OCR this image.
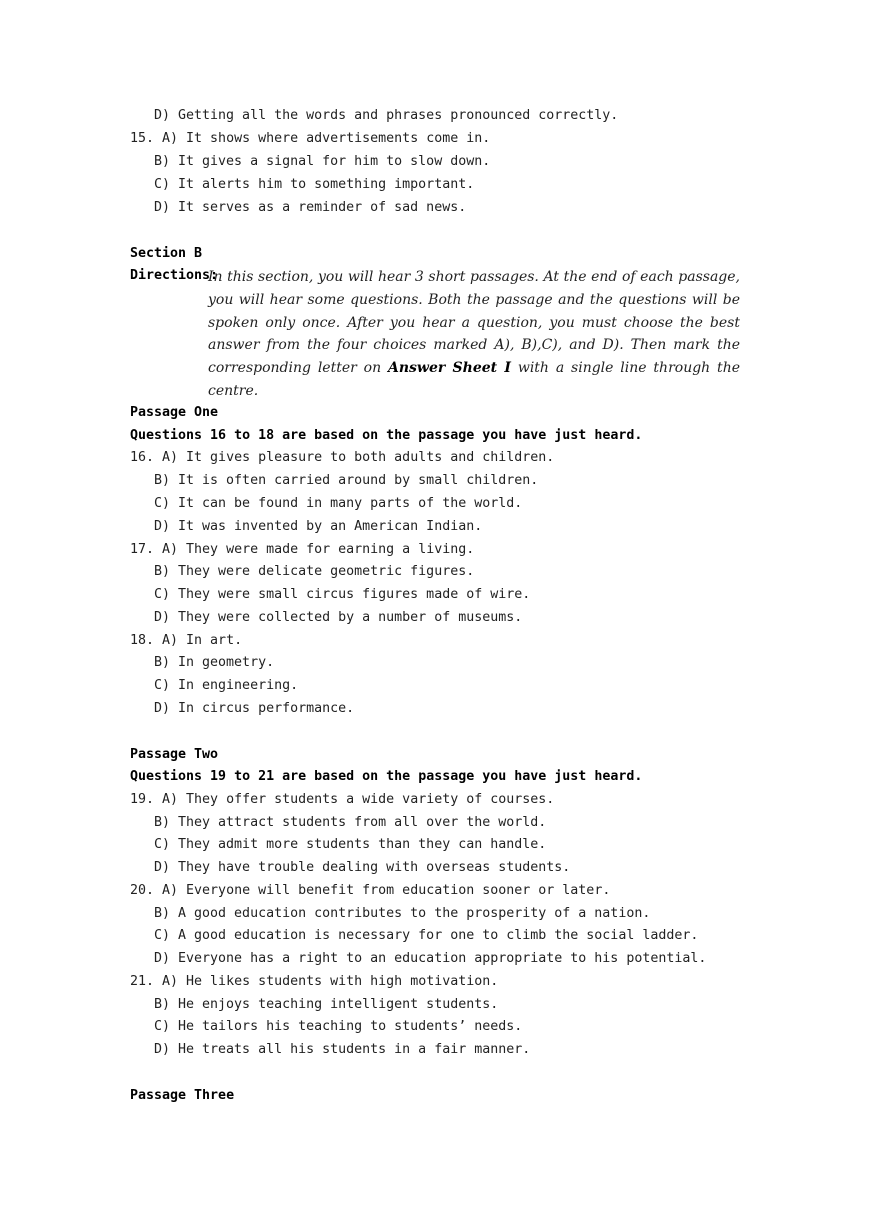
D) Getting all the words and phrases pronounced correctly.
15. A) It shows where advertisements come in.
B) It gives a signal for him to slow down.
C) It alerts him to something important.
D) It serves as a reminder of sad news.
Section B
Directions:
In this section, you will hear 3 short passages. At the end of each passage, you will hear some questions. Both the passage and the questions will be spoken only once. After you hear a question, you must choose the best answer from the four choices marked A), B),C), and D). Then mark the corresponding letter on Answer Sheet I with a single line through the centre.
Passage One
Questions 16 to 18 are based on the passage you have just heard.
16. A) It gives pleasure to both adults and children.
B) It is often carried around by small children.
C) It can be found in many parts of the world.
D) It was invented by an American Indian.
17. A) They were made for earning a living.
B) They were delicate geometric figures.
C) They were small circus figures made of wire.
D) They were collected by a number of museums.
18. A) In art.
B) In geometry.
C) In engineering.
D) In circus performance.
Passage Two
Questions 19 to 21 are based on the passage you have just heard.
19. A) They offer students a wide variety of courses.
B) They attract students from all over the world.
C) They admit more students than they can handle.
D) They have trouble dealing with overseas students.
20. A) Everyone will benefit from education sooner or later.
B) A good education contributes to the prosperity of a nation.
C) A good education is necessary for one to climb the social ladder.
D) Everyone has a right to an education appropriate to his potential.
21. A) He likes students with high motivation.
B) He enjoys teaching intelligent students.
C) He tailors his teaching to students’ needs.
D) He treats all his students in a fair manner.
Passage Three
